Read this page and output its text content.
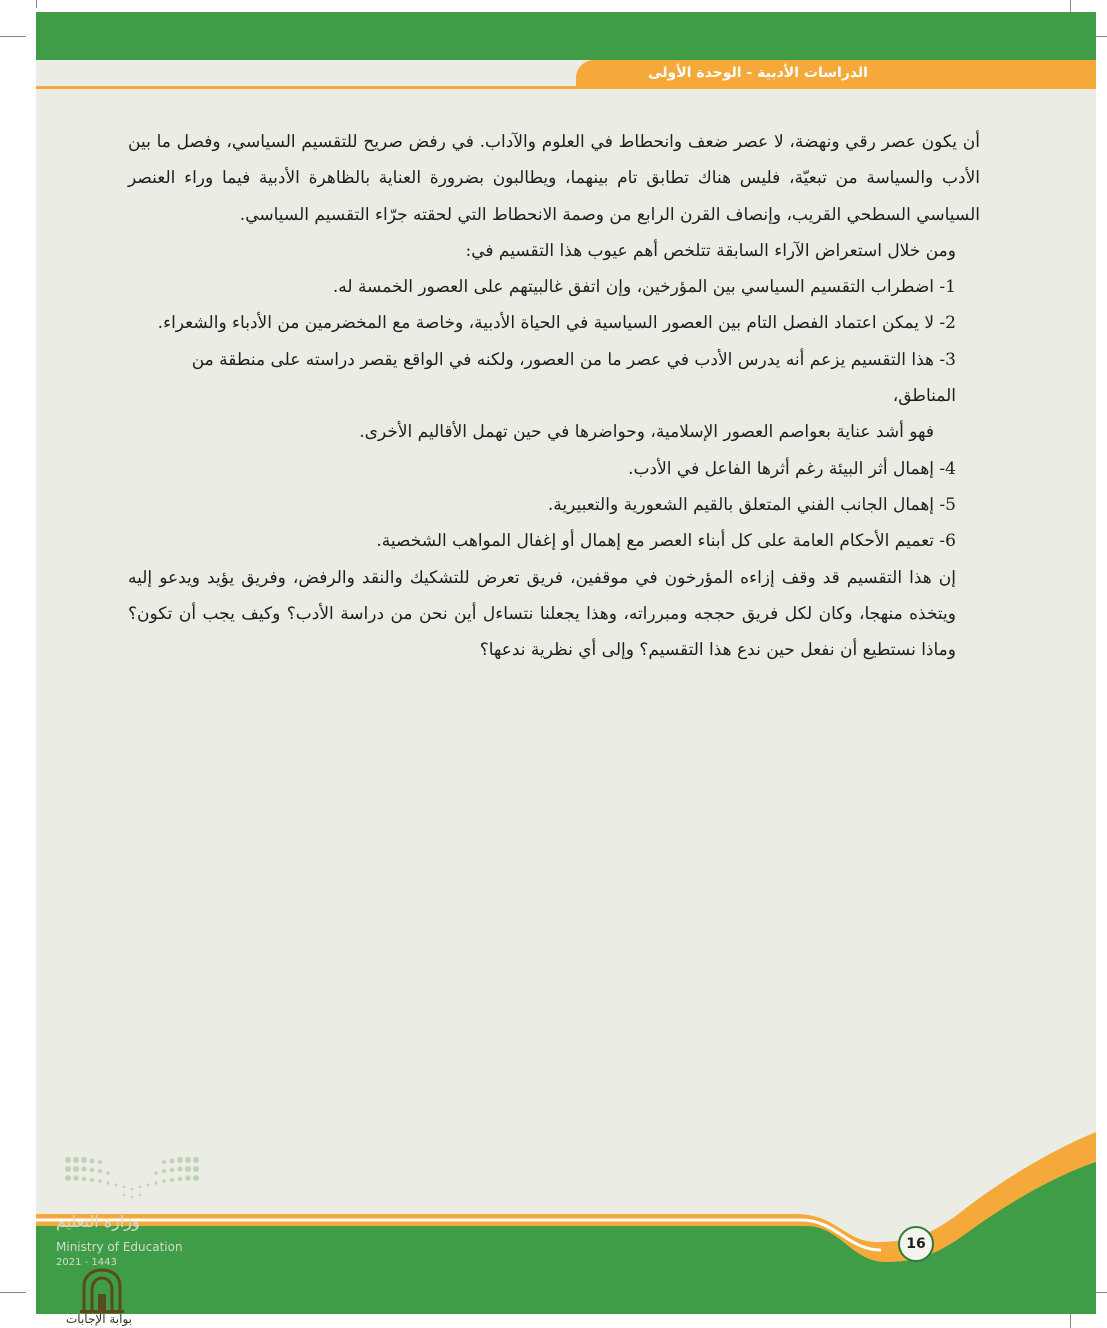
الدراسات الأدبية - الوحدة الأولى

أن يكون عصر رقي ونهضة، لا عصر ضعف وانحطاط في العلوم والآداب. في رفض صريح للتقسيم السياسي، وفصل ما بين الأدب والسياسة من تبعيّة، فليس هناك تطابق تام بينهما، ويطالبون بضرورة العناية بالظاهرة الأدبية فيما وراء العنصر السياسي السطحي القريب، وإنصاف القرن الرابع من وصمة الانحطاط التي لحقته جرّاء التقسيم السياسي.

ومن خلال استعراض الآراء السابقة تتلخص أهم عيوب هذا التقسيم في:

1- اضطراب التقسيم السياسي بين المؤرخين، وإن اتفق غالبيتهم على العصور الخمسة له.

2- لا يمكن اعتماد الفصل التام بين العصور السياسية في الحياة الأدبية، وخاصة مع المخضرمين من الأدباء والشعراء.

3- هذا التقسيم يزعم أنه يدرس الأدب في عصر ما من العصور، ولكنه في الواقع يقصر دراسته على منطقة من المناطق،

فهو أشد عناية بعواصم العصور الإسلامية، وحواضرها في حين تهمل الأقاليم الأخرى.

4- إهمال أثر البيئة رغم أثرها الفاعل في الأدب.

5- إهمال الجانب الفني المتعلق بالقيم الشعورية والتعبيرية.

6- تعميم الأحكام العامة على كل أبناء العصر مع إهمال أو إغفال المواهب الشخصية.

إن هذا التقسيم قد وقف إزاءه المؤرخون في موقفين، فريق تعرض للتشكيك والنقد والرفض، وفريق يؤيد ويدعو إليه ويتخذه منهجا، وكان لكل فريق حججه ومبرراته، وهذا يجعلنا نتساءل أين نحن من دراسة الأدب؟ وكيف يجب أن تكون؟ وماذا نستطيع أن نفعل حين ندع هذا التقسيم؟ وإلى أي نظرية ندعها؟

وزارة التعليم
Ministry of Education
2021 - 1443
16
بوابة الإجابات
